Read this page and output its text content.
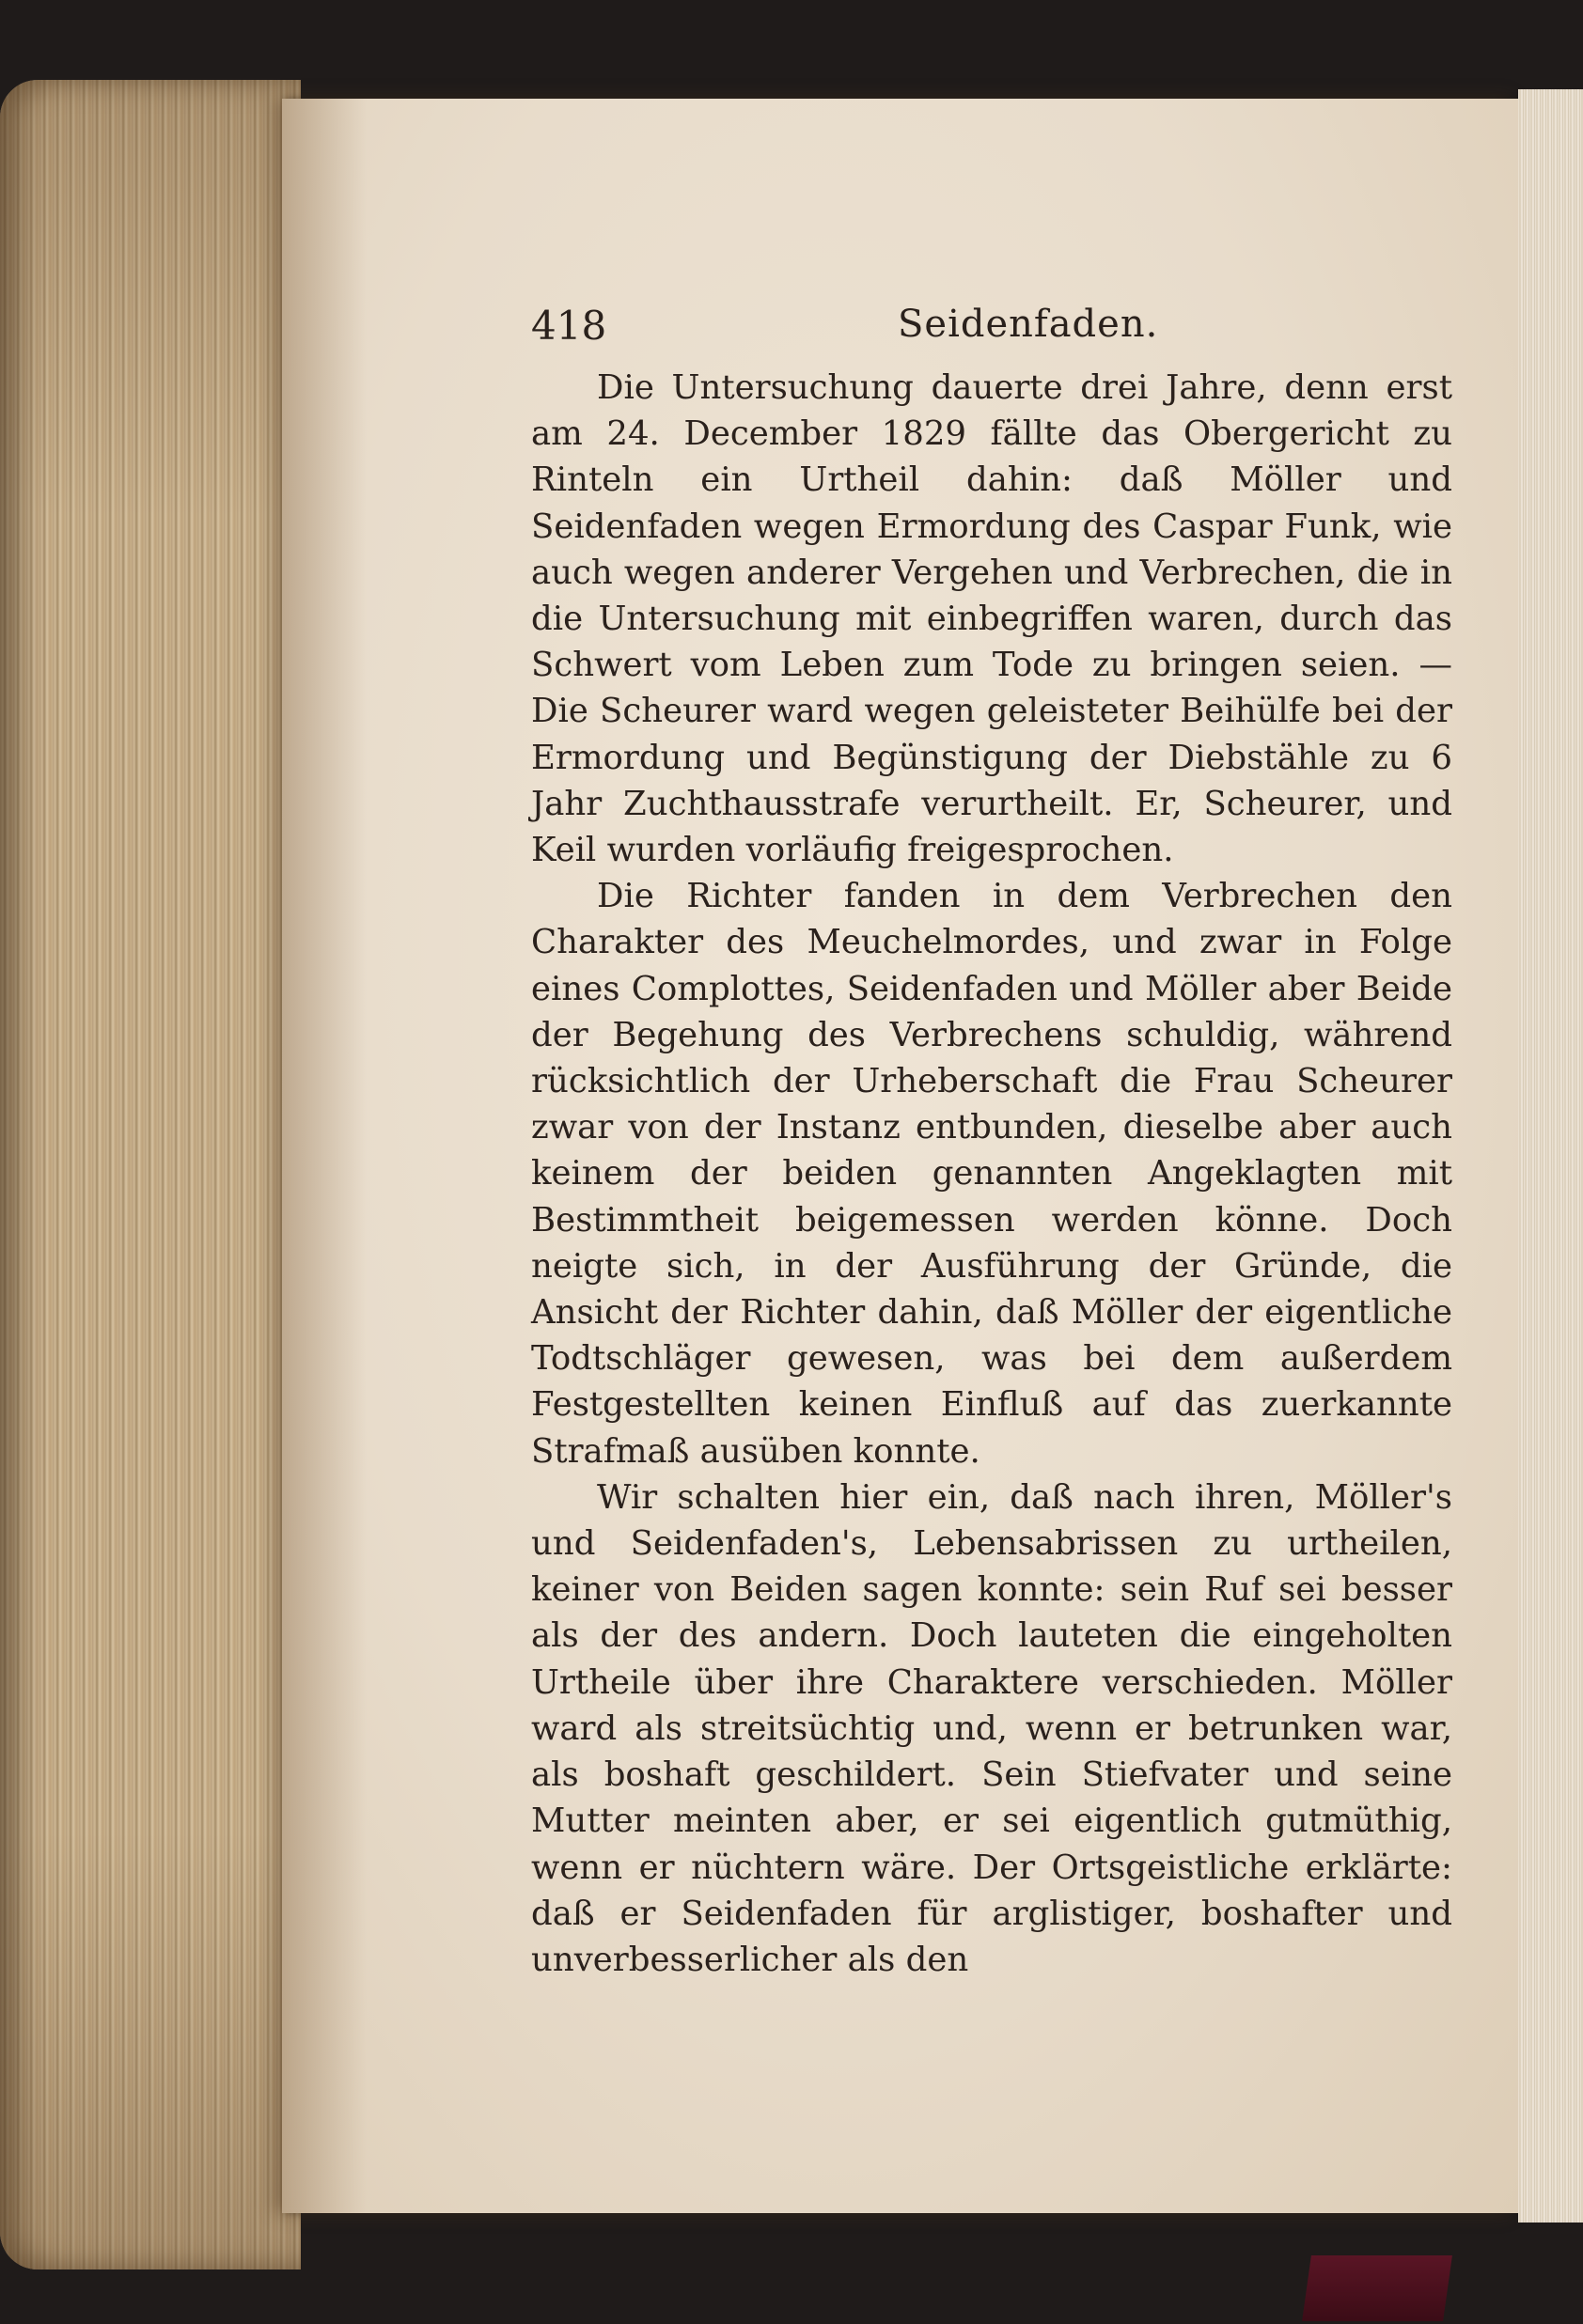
418	Seidenfaden.

Die Untersuchung dauerte drei Jahre, denn erst am 24. December 1829 fällte das Obergericht zu Rinteln ein Urtheil dahin: daß Möller und Seidenfaden wegen Ermordung des Caspar Funk, wie auch wegen anderer Vergehen und Verbrechen, die in die Untersuchung mit einbegriffen waren, durch das Schwert vom Leben zum Tode zu bringen seien. — Die Scheurer ward wegen geleisteter Beihülfe bei der Ermordung und Begünstigung der Diebstähle zu 6 Jahr Zuchthausstrafe verurtheilt. Er, Scheurer, und Keil wurden vorläufig freigesprochen.

Die Richter fanden in dem Verbrechen den Charakter des Meuchelmordes, und zwar in Folge eines Complottes, Seidenfaden und Möller aber Beide der Begehung des Verbrechens schuldig, während rücksichtlich der Urheberschaft die Frau Scheurer zwar von der Instanz entbunden, dieselbe aber auch keinem der beiden genannten Angeklagten mit Bestimmtheit beigemessen werden könne. Doch neigte sich, in der Ausführung der Gründe, die Ansicht der Richter dahin, daß Möller der eigentliche Todtschläger gewesen, was bei dem außerdem Festgestellten keinen Einfluß auf das zuerkannte Strafmaß ausüben konnte.

Wir schalten hier ein, daß nach ihren, Möller's und Seidenfaden's, Lebensabrissen zu urtheilen, keiner von Beiden sagen konnte: sein Ruf sei besser als der des andern. Doch lauteten die eingeholten Urtheile über ihre Charaktere verschieden. Möller ward als streitsüchtig und, wenn er betrunken war, als boshaft geschildert. Sein Stiefvater und seine Mutter meinten aber, er sei eigentlich gutmüthig, wenn er nüchtern wäre. Der Ortsgeistliche erklärte: daß er Seidenfaden für arglistiger, boshafter und unverbesserlicher als den
